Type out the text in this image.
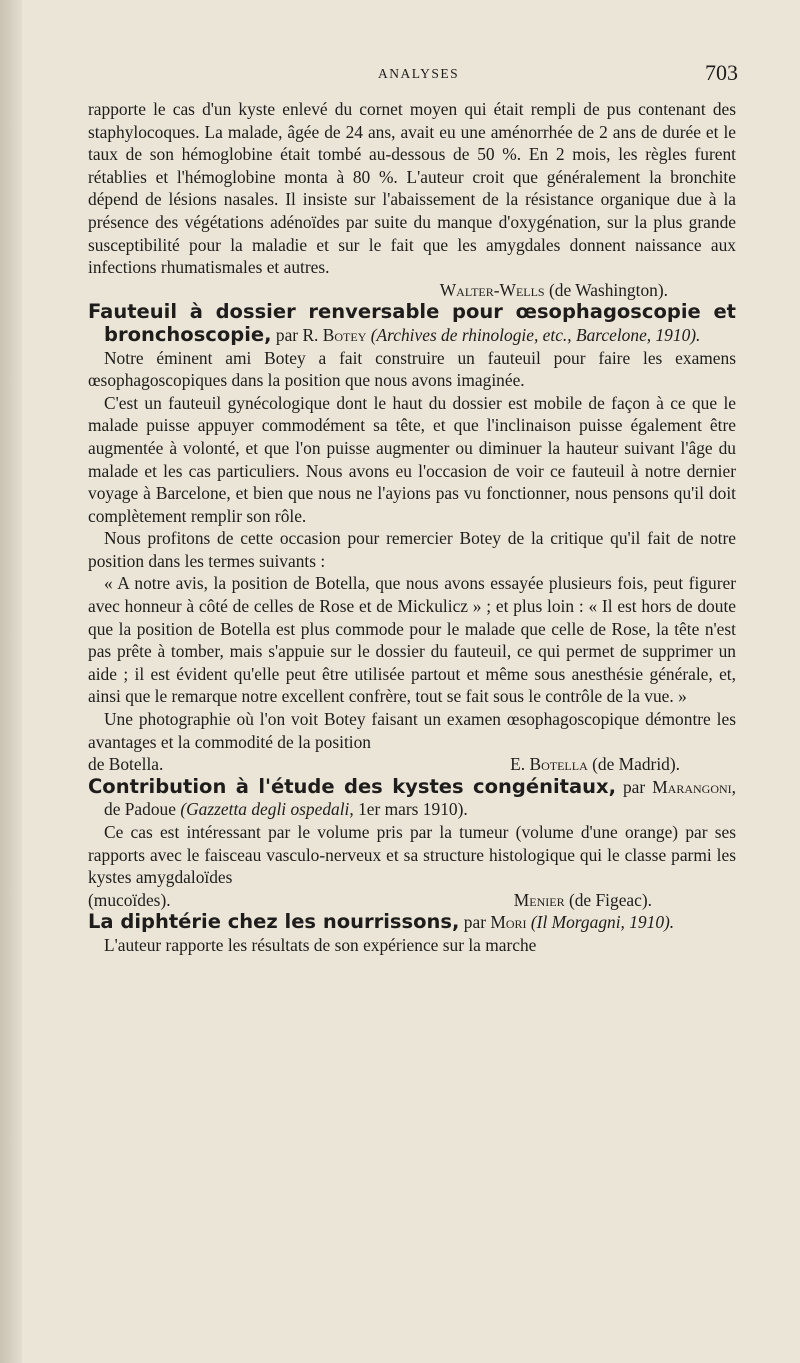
ANALYSES	703

rapporte le cas d'un kyste enlevé du cornet moyen qui était rempli de pus contenant des staphylocoques. La malade, âgée de 24 ans, avait eu une aménorrhée de 2 ans de durée et le taux de son hémoglobine était tombé au-dessous de 50 %. En 2 mois, les règles furent rétablies et l'hémoglobine monta à 80 %. L'auteur croit que généralement la bronchite dépend de lésions nasales. Il insiste sur l'abaissement de la résistance organique due à la présence des végétations adénoïdes par suite du manque d'oxygénation, sur la plus grande susceptibilité pour la maladie et sur le fait que les amygdales donnent naissance aux infections rhumatismales et autres.

Walter-Wells (de Washington).

Fauteuil à dossier renversable pour œsophagoscopie et bronchoscopie, par R. Botey (Archives de rhinologie, etc., Barcelone, 1910).

Notre éminent ami Botey a fait construire un fauteuil pour faire les examens œsophagoscopiques dans la position que nous avons imaginée.

C'est un fauteuil gynécologique dont le haut du dossier est mobile de façon à ce que le malade puisse appuyer commodément sa tête, et que l'inclinaison puisse également être augmentée à volonté, et que l'on puisse augmenter ou diminuer la hauteur suivant l'âge du malade et les cas particuliers. Nous avons eu l'occasion de voir ce fauteuil à notre dernier voyage à Barcelone, et bien que nous ne l'ayions pas vu fonctionner, nous pensons qu'il doit complètement remplir son rôle.

Nous profitons de cette occasion pour remercier Botey de la critique qu'il fait de notre position dans les termes suivants :

« A notre avis, la position de Botella, que nous avons essayée plusieurs fois, peut figurer avec honneur à côté de celles de Rose et de Mickulicz » ; et plus loin : « Il est hors de doute que la position de Botella est plus commode pour le malade que celle de Rose, la tête n'est pas prête à tomber, mais s'appuie sur le dossier du fauteuil, ce qui permet de supprimer un aide ; il est évident qu'elle peut être utilisée partout et même sous anesthésie générale, et, ainsi que le remarque notre excellent confrère, tout se fait sous le contrôle de la vue. »

Une photographie où l'on voit Botey faisant un examen œsophagoscopique démontre les avantages et la commodité de la position

de Botella.	E. Botella (de Madrid).

Contribution à l'étude des kystes congénitaux, par Marangoni, de Padoue (Gazzetta degli ospedali, 1er mars 1910).

Ce cas est intéressant par le volume pris par la tumeur (volume d'une orange) par ses rapports avec le faisceau vasculo-nerveux et sa structure histologique qui le classe parmi les kystes amygdaloïdes

(mucoïdes).	Menier (de Figeac).

La diphtérie chez les nourrissons, par Mori (Il Morgagni, 1910).

L'auteur rapporte les résultats de son expérience sur la marche
